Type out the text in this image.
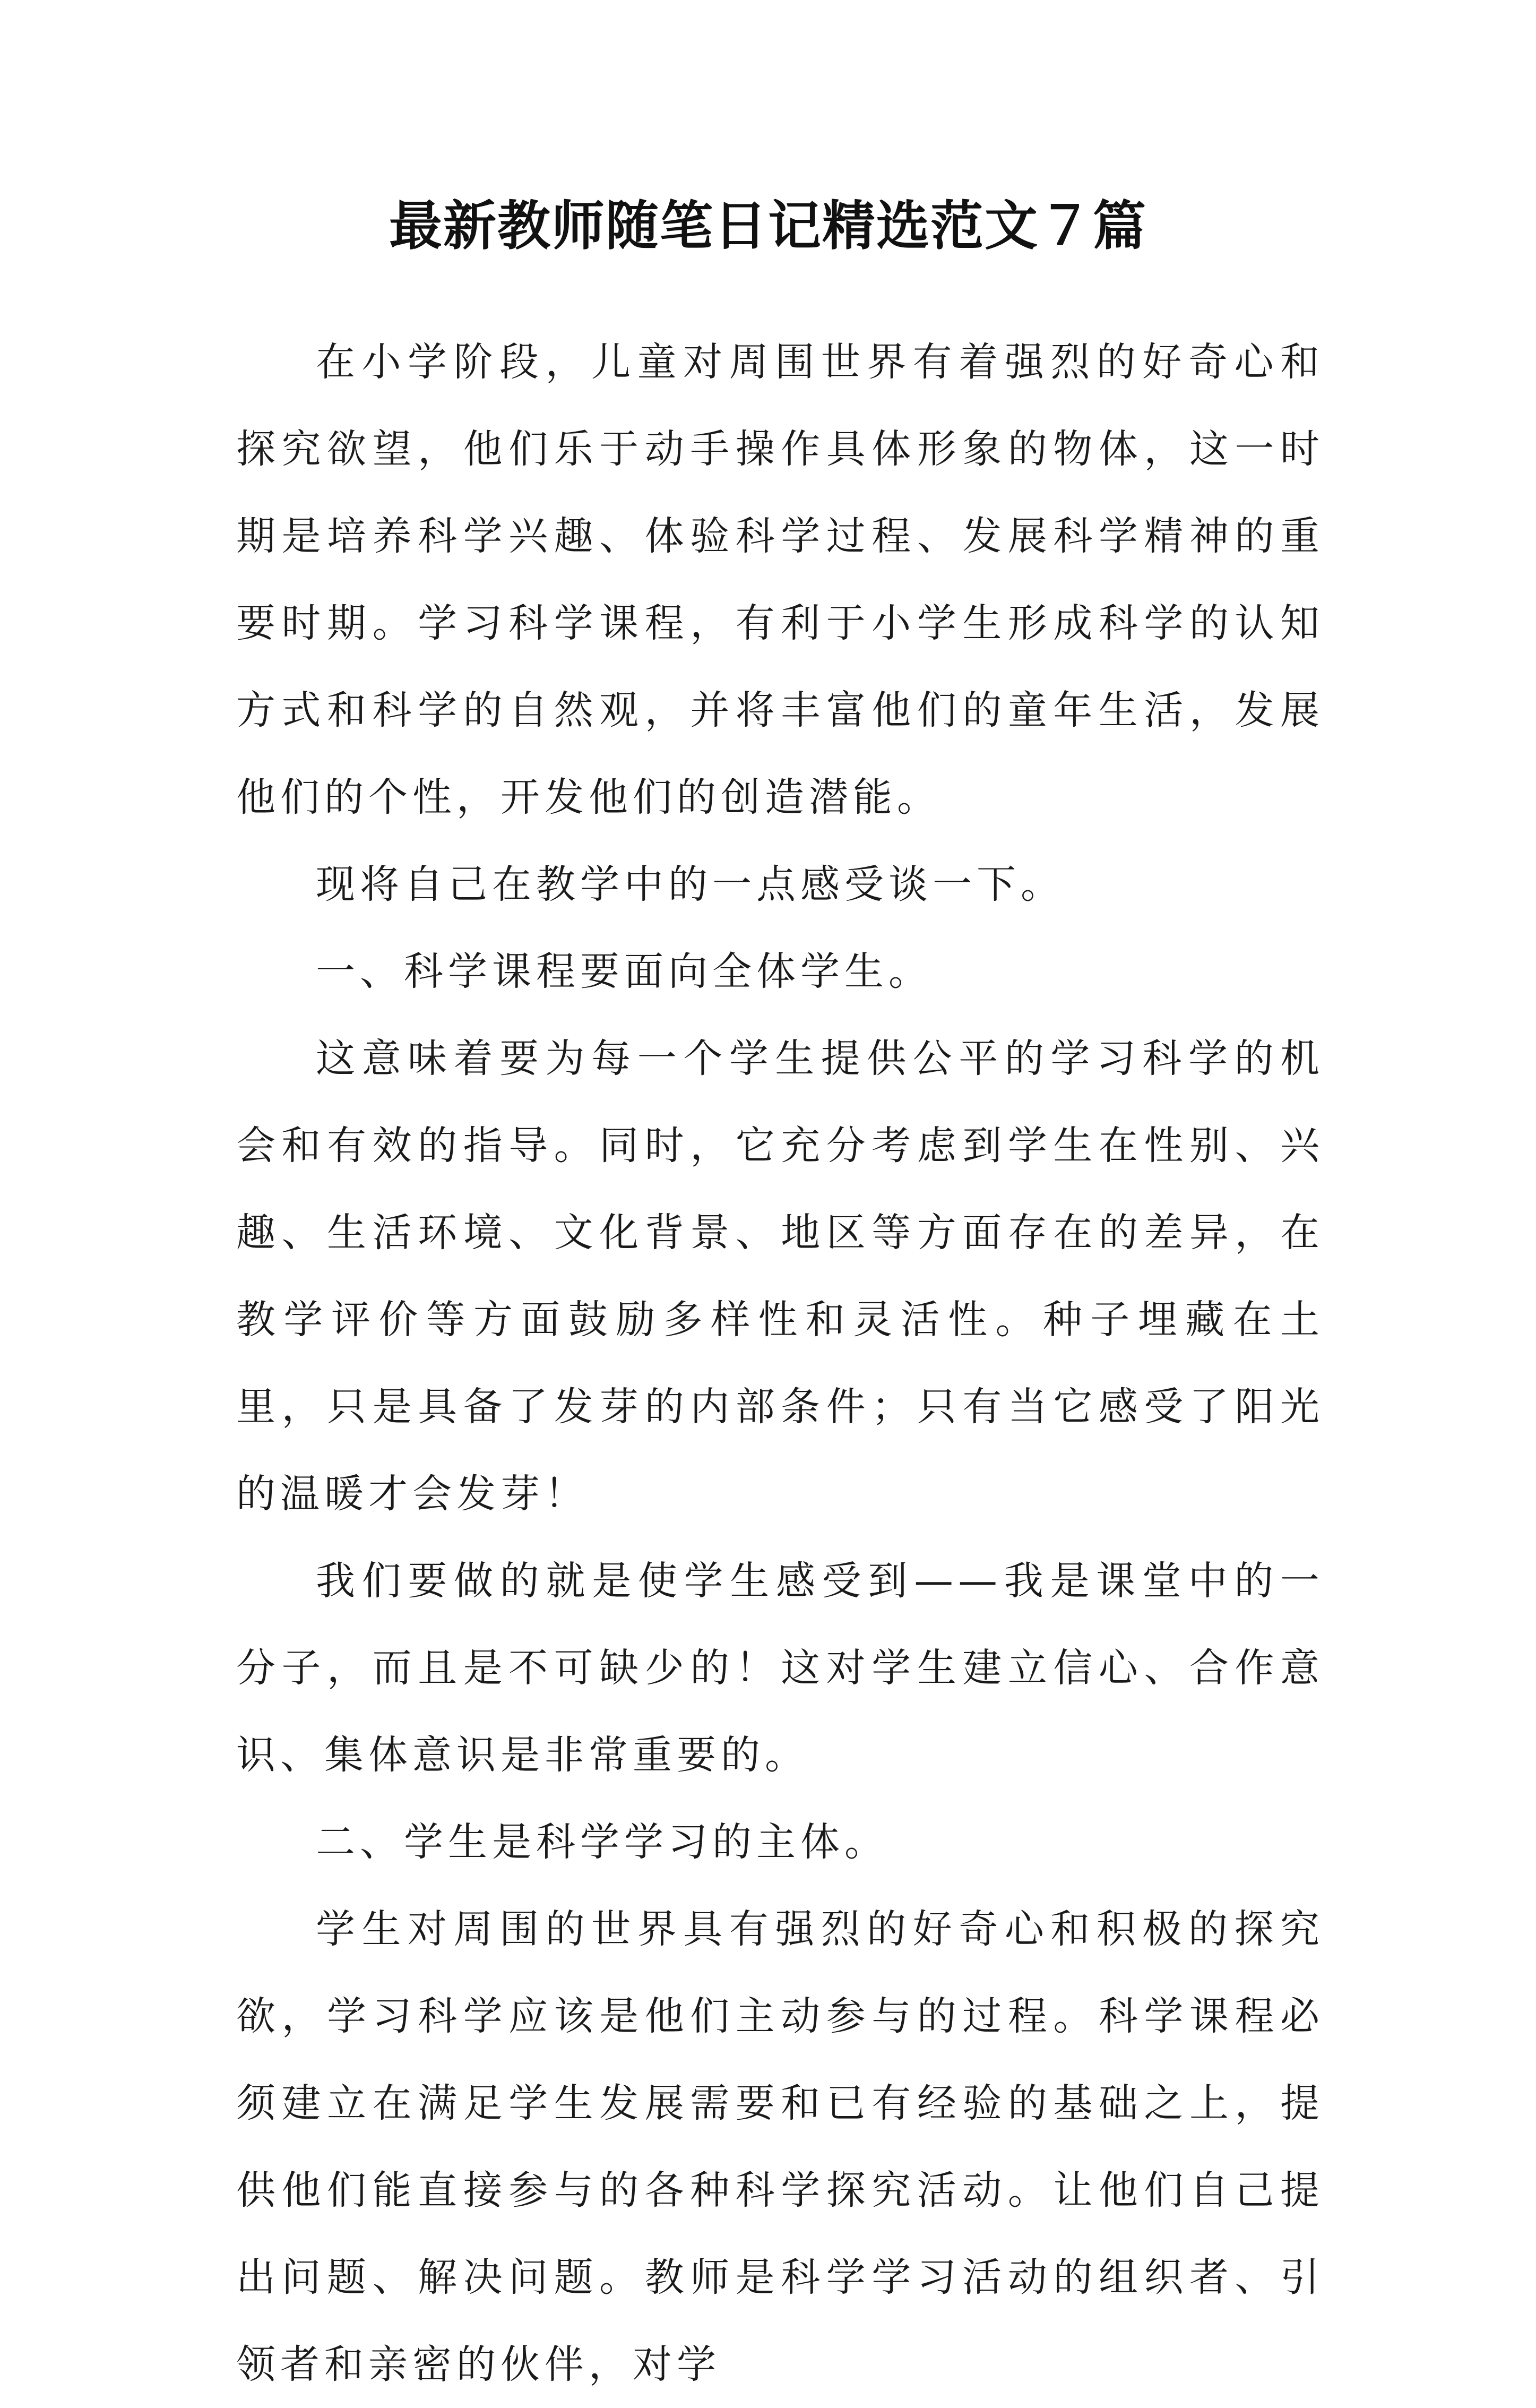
最新教师随笔日记精选范文７篇

在小学阶段，儿童对周围世界有着强烈的好奇心和探究欲望，他们乐于动手操作具体形象的物体，这一时期是培养科学兴趣、体验科学过程、发展科学精神的重要时期。学习科学课程，有利于小学生形成科学的认知方式和科学的自然观，并将丰富他们的童年生活，发展他们的个性，开发他们的创造潜能。

现将自己在教学中的一点感受谈一下。

一、科学课程要面向全体学生。

这意味着要为每一个学生提供公平的学习科学的机会和有效的指导。同时，它充分考虑到学生在性别、兴趣、生活环境、文化背景、地区等方面存在的差异，在教学评价等方面鼓励多样性和灵活性。种子埋藏在土里，只是具备了发芽的内部条件；只有当它感受了阳光的温暖才会发芽！

我们要做的就是使学生感受到——我是课堂中的一分子，而且是不可缺少的！这对学生建立信心、合作意识、集体意识是非常重要的。

二、学生是科学学习的主体。

学生对周围的世界具有强烈的好奇心和积极的探究欲，学习科学应该是他们主动参与的过程。科学课程必须建立在满足学生发展需要和已有经验的基础之上，提供他们能直接参与的各种科学探究活动。让他们自己提出问题、解决问题。教师是科学学习活动的组织者、引领者和亲密的伙伴，对学
